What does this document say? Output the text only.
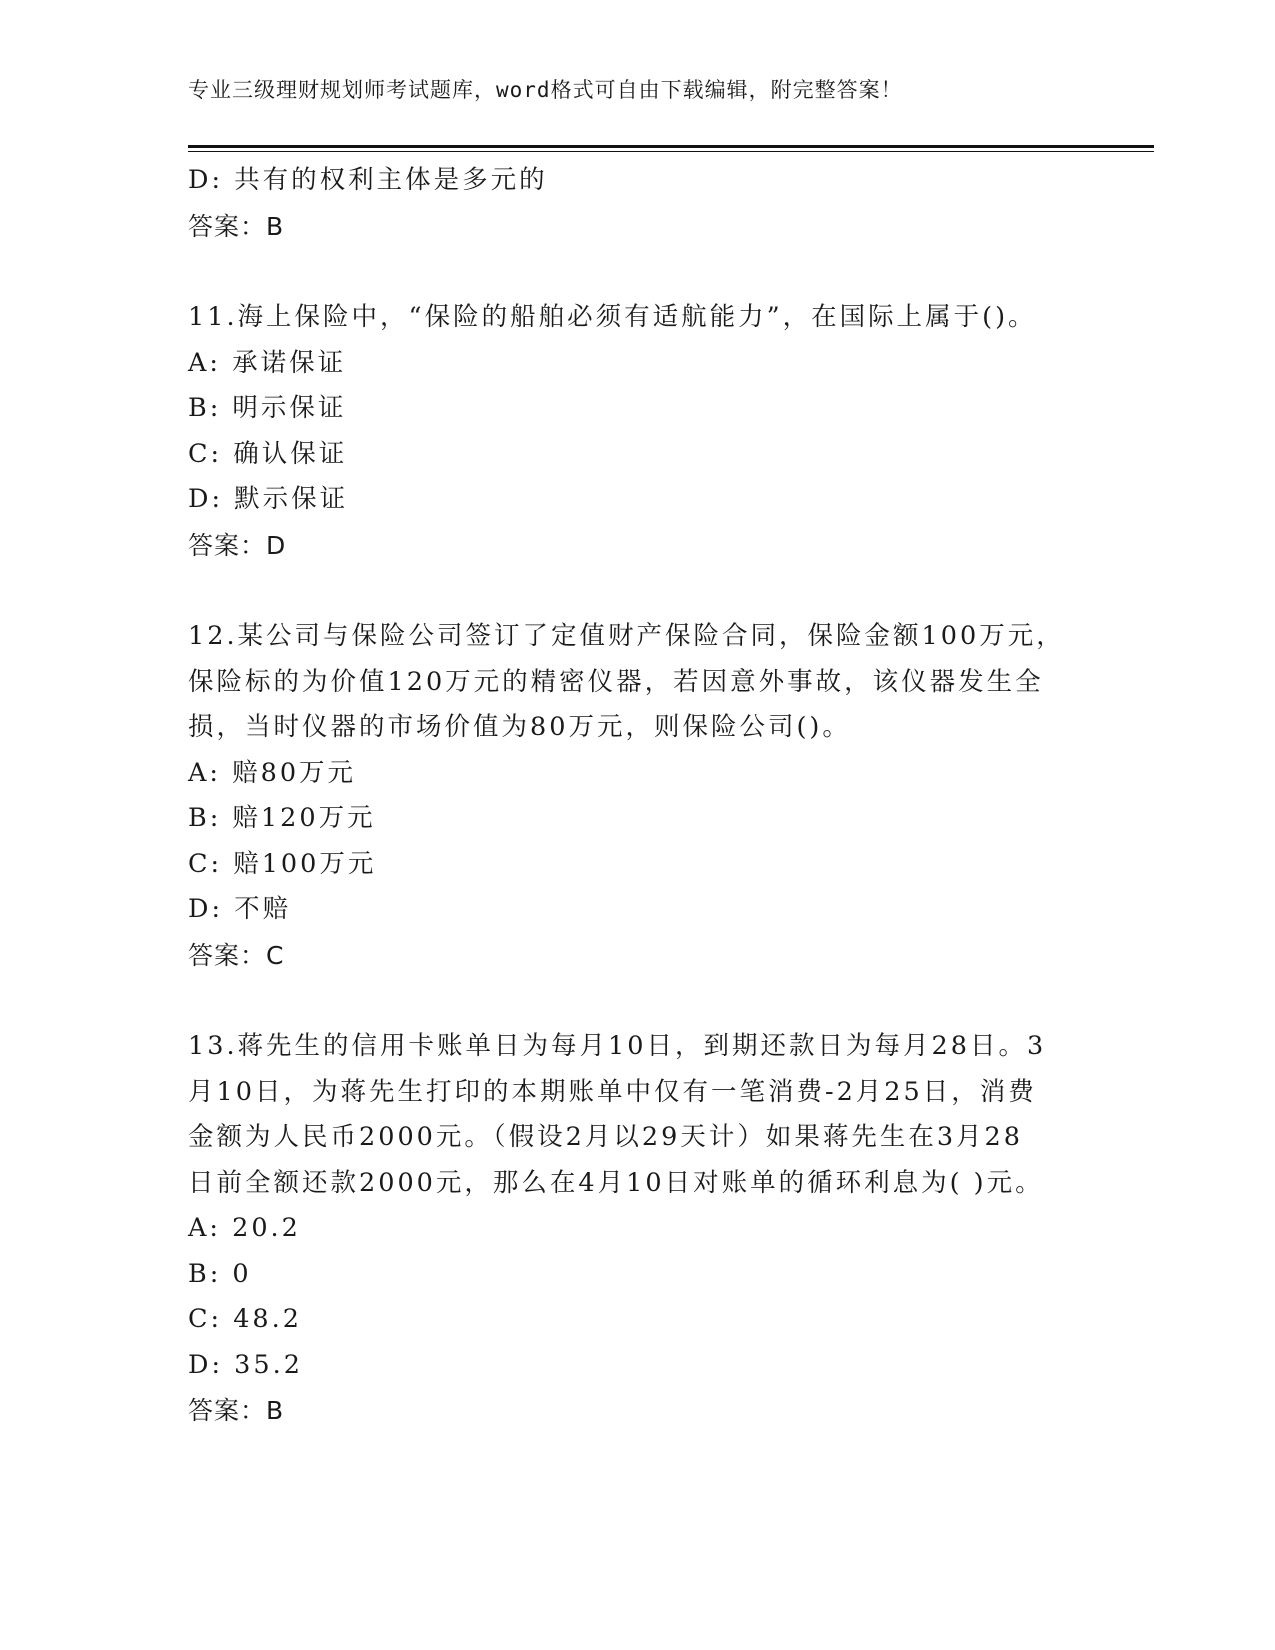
专业三级理财规划师考试题库，word格式可自由下载编辑，附完整答案！
D: 共有的权利主体是多元的
答案：B
11.海上保险中，“保险的船舶必须有适航能力”，在国际上属于()。
A: 承诺保证
B: 明示保证
C: 确认保证
D: 默示保证
答案：D
12.某公司与保险公司签订了定值财产保险合同，保险金额100万元，
保险标的为价值120万元的精密仪器，若因意外事故，该仪器发生全
损，当时仪器的市场价值为80万元，则保险公司()。
A: 赔80万元
B: 赔120万元
C: 赔100万元
D: 不赔
答案：C
13.蒋先生的信用卡账单日为每月10日，到期还款日为每月28日。3
月10日，为蒋先生打印的本期账单中仅有一笔消费-2月25日，消费
金额为人民币2000元。（假设2月以29天计）如果蒋先生在3月28
日前全额还款2000元，那么在4月10日对账单的循环利息为( )元。
A: 20.2
B: 0
C: 48.2
D: 35.2
答案：B
